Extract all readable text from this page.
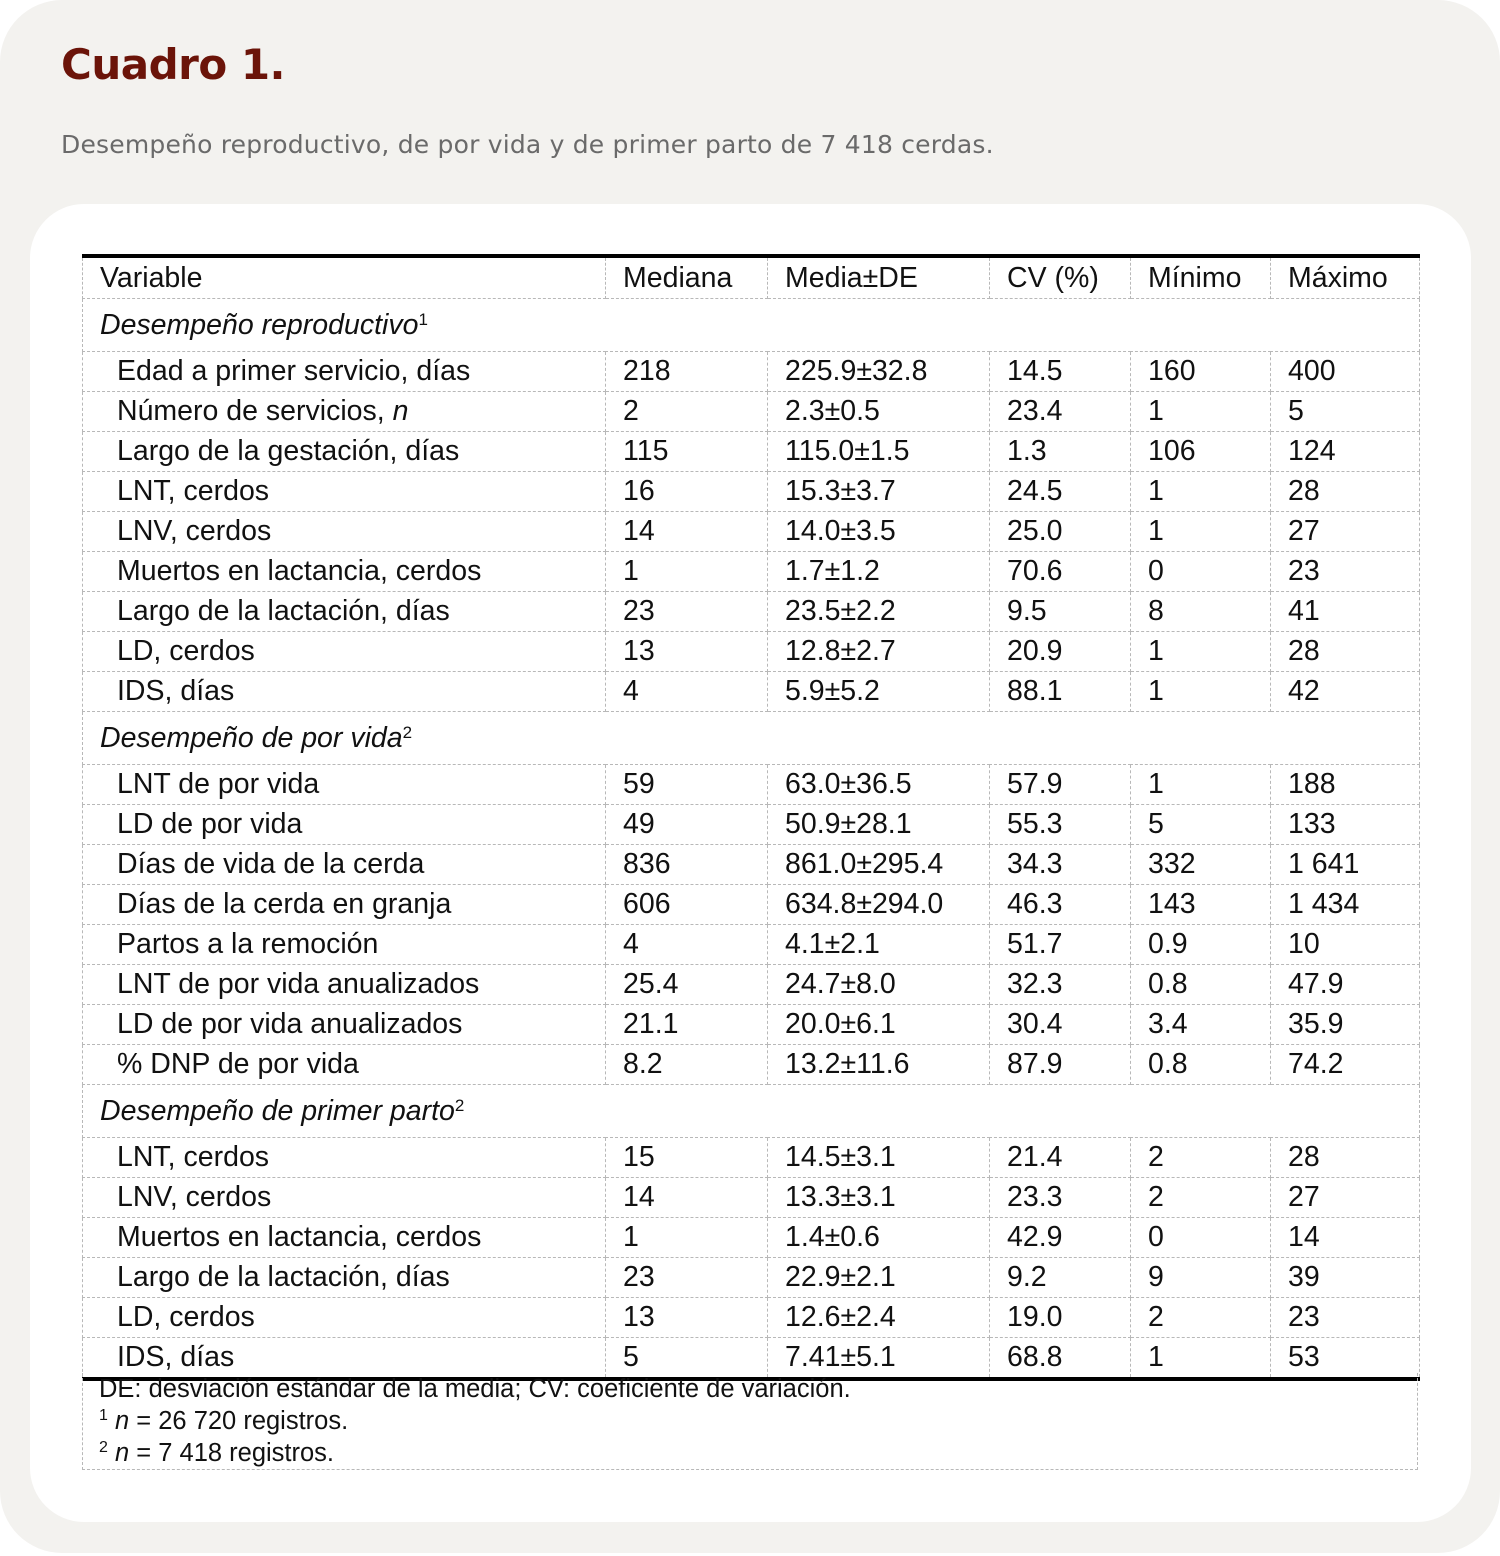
Cuadro 1.

Desempeño reproductivo, de por vida y de primer parto de 7 418 cerdas.

Variable	Mediana	Media±DE	CV (%)	Mínimo	Máximo
Desempeño reproductivo$^1$
Edad a primer servicio, días	218	225.9±32.8	14.5	160	400
Número de servicios, n	2	2.3±0.5	23.4	1	5
Largo de la gestación, días	115	115.0±1.5	1.3	106	124
LNT, cerdos	16	15.3±3.7	24.5	1	28
LNV, cerdos	14	14.0±3.5	25.0	1	27
Muertos en lactancia, cerdos	1	1.7±1.2	70.6	0	23
Largo de la lactación, días	23	23.5±2.2	9.5	8	41
LD, cerdos	13	12.8±2.7	20.9	1	28
IDS, días	4	5.9±5.2	88.1	1	42
Desempeño de por vida$^2$
LNT de por vida	59	63.0±36.5	57.9	1	188
LD de por vida	49	50.9±28.1	55.3	5	133
Días de vida de la cerda	836	861.0±295.4	34.3	332	1 641
Días de la cerda en granja	606	634.8±294.0	46.3	143	1 434
Partos a la remoción	4	4.1±2.1	51.7	0.9	10
LNT de por vida anualizados	25.4	24.7±8.0	32.3	0.8	47.9
LD de por vida anualizados	21.1	20.0±6.1	30.4	3.4	35.9
% DNP de por vida	8.2	13.2±11.6	87.9	0.8	74.2
Desempeño de primer parto$^2$
LNT, cerdos	15	14.5±3.1	21.4	2	28
LNV, cerdos	14	13.3±3.1	23.3	2	27
Muertos en lactancia, cerdos	1	1.4±0.6	42.9	0	14
Largo de la lactación, días	23	22.9±2.1	9.2	9	39
LD, cerdos	13	12.6±2.4	19.0	2	23
IDS, días	5	7.41±5.1	68.8	1	53
DE: desviación estándar de la media; CV: coeficiente de variación.
$^1$ n = 26 720 registros.
$^2$ n = 7 418 registros.
